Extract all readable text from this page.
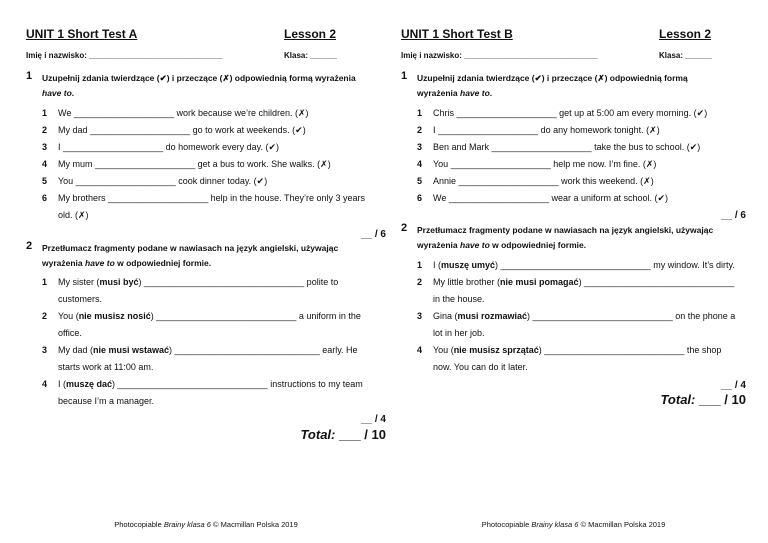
UNIT 1 Short Test A	Lesson 2
Imię i nazwisko: ______________________________	Klasa: ______
1 Uzupełnij zdania twierdzące (✔) i przeczące (✗) odpowiednią formą wyrażenia have to.
1 We ____________________ work because we’re children. (✗)
2 My dad ____________________ go to work at weekends. (✔)
3 I ____________________ do homework every day. (✔)
4 My mum ____________________ get a bus to work. She walks. (✗)
5 You ____________________ cook dinner today. (✔)
6 My brothers ____________________ help in the house. They’re only 3 years old. (✗)
__ / 6
2 Przetłumacz fragmenty podane w nawiasach na język angielski, używając wyrażenia have to w odpowiedniej formie.
1 My sister (musi być) ________________________________ polite to customers.
2 You (nie musisz nosić) ____________________________ a uniform in the office.
3 My dad (nie musi wstawać) _____________________________ early. He starts work at 11:00 am.
4 I (muszę dać) ______________________________ instructions to my team because I’m a manager.
__ / 4
Total: ___ / 10
Photocopiable Brainy klasa 6 © Macmillan Polska 2019
UNIT 1 Short Test B	Lesson 2
Imię i nazwisko: ______________________________	Klasa: ______
1 Uzupełnij zdania twierdzące (✔) i przeczące (✗) odpowiednią formą wyrażenia have to.
1 Chris ____________________ get up at 5:00 am every morning. (✔)
2 I ____________________ do any homework tonight. (✗)
3 Ben and Mark ____________________ take the bus to school. (✔)
4 You ____________________ help me now. I’m fine. (✗)
5 Annie ____________________ work this weekend. (✗)
6 We ____________________ wear a uniform at school. (✔)
__ / 6
2 Przetłumacz fragmenty podane w nawiasach na język angielski, używając wyrażenia have to w odpowiedniej formie.
1 I (muszę umyć) ______________________________ my window. It’s dirty.
2 My little brother (nie musi pomagać) ______________________________ in the house.
3 Gina (musi rozmawiać) ____________________________ on the phone a lot in her job.
4 You (nie musisz sprzątać) ____________________________ the shop now. You can do it later.
__ / 4
Total: ___ / 10
Photocopiable Brainy klasa 6 © Macmillan Polska 2019
